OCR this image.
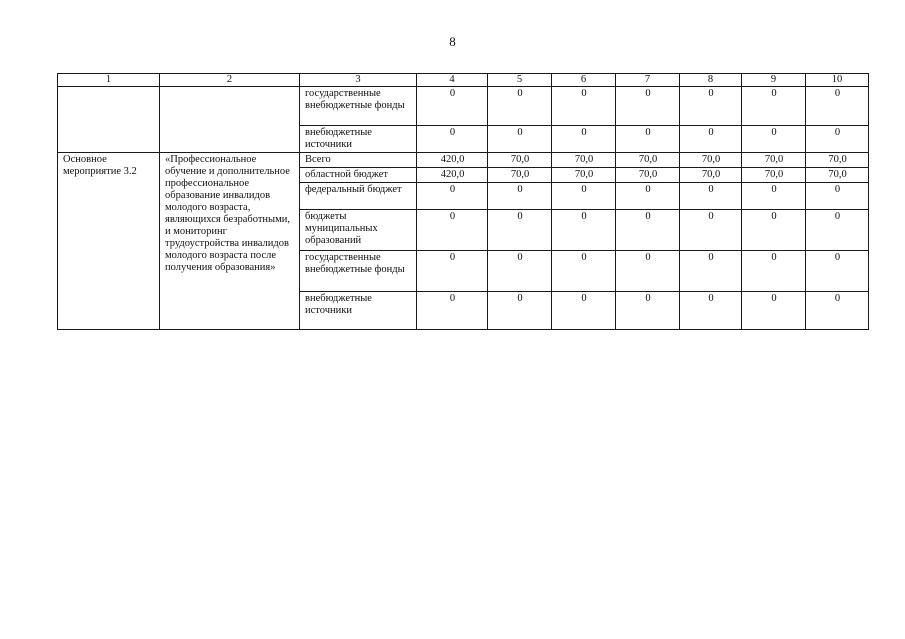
8
1	2	3	4	5	6	7	8	9	10
		государственные внебюджетные фонды	0	0	0	0	0	0	0
		внебюджетные источники	0	0	0	0	0	0	0
Основное мероприятие 3.2	«Профессиональное обучение и дополнительное профессиональное образование инвалидов молодого возраста, являющихся безработными, и мониторинг трудоустройства инвалидов молодого возраста после получения образования»	Всего	420,0	70,0	70,0	70,0	70,0	70,0	70,0
		областной бюджет	420,0	70,0	70,0	70,0	70,0	70,0	70,0
		федеральный бюджет	0	0	0	0	0	0	0
		бюджеты муниципальных образований	0	0	0	0	0	0	0
		государственные внебюджетные фонды	0	0	0	0	0	0	0
		внебюджетные источники	0	0	0	0	0	0	0
